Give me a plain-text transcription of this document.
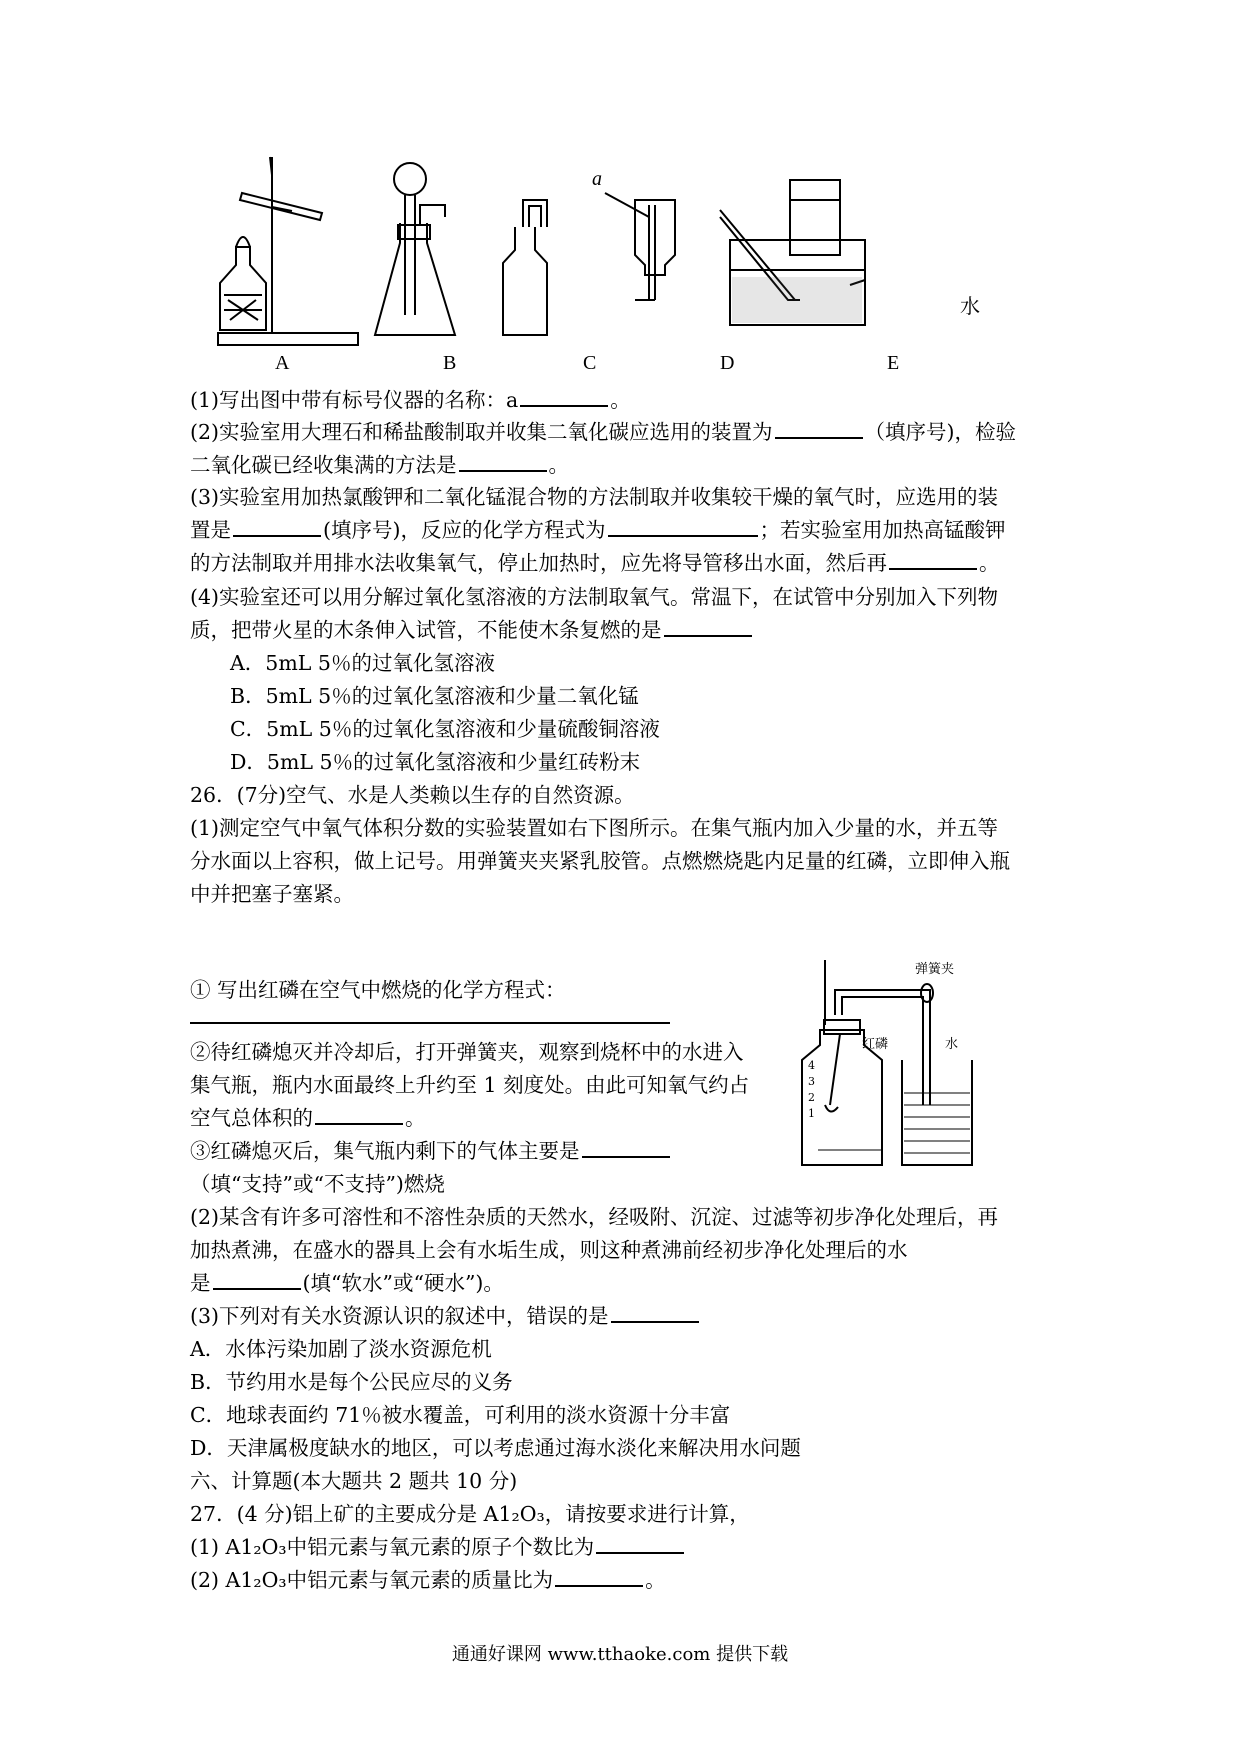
a
水
A	B	C	D	E
(1)写出图中带有标号仪器的名称：a	。
(2)实验室用大理石和稀盐酸制取并收集二氧化碳应选用的装置为	（填序号)，检验
二氧化碳已经收集满的方法是	。
(3)实验室用加热氯酸钾和二氧化锰混合物的方法制取并收集较干燥的氧气时，应选用的装
置是	(填序号)，反应的化学方程式为	；若实验室用加热高锰酸钾
的方法制取并用排水法收集氧气，停止加热时，应先将导管移出水面，然后再	。
(4)实验室还可以用分解过氧化氢溶液的方法制取氧气。常温下，在试管中分别加入下列物
质，把带火星的木条伸入试管，不能使木条复燃的是
A．5mL 5％的过氧化氢溶液
B．5mL 5％的过氧化氢溶液和少量二氧化锰
C．5mL 5％的过氧化氢溶液和少量硫酸铜溶液
D．5mL 5％的过氧化氢溶液和少量红砖粉末
26．(7分)空气、水是人类赖以生存的自然资源。
(1)测定空气中氧气体积分数的实验装置如右下图所示。在集气瓶内加入少量的水，并五等
分水面以上容积，做上记号。用弹簧夹夹紧乳胶管。点燃燃烧匙内足量的红磷，立即伸入瓶
中并把塞子塞紧。
① 写出红磷在空气中燃烧的化学方程式：
②待红磷熄灭并冷却后，打开弹簧夹，观察到烧杯中的水进入
集气瓶，瓶内水面最终上升约至 1 刻度处。由此可知氧气约占
空气总体积的	。
③红磷熄灭后，集气瓶内剩下的气体主要是
（填“支持”或“不支持”)燃烧
弹簧夹
红磷	水
4
3
2
1
(2)某含有许多可溶性和不溶性杂质的天然水，经吸附、沉淀、过滤等初步净化处理后，再
加热煮沸，在盛水的器具上会有水垢生成，则这种煮沸前经初步净化处理后的水
是	(填“软水”或“硬水”)。
(3)下列对有关水资源认识的叙述中，错误的是
A．水体污染加剧了淡水资源危机
B．节约用水是每个公民应尽的义务
C．地球表面约 71％被水覆盖，可利用的淡水资源十分丰富
D．天津属极度缺水的地区，可以考虑通过海水淡化来解决用水问题
六、计算题(本大题共 2 题共 10 分)
27．(4 分)铝上矿的主要成分是 A1₂O₃，请按要求进行计算，
(1) A1₂O₃中铝元素与氧元素的原子个数比为
(2) A1₂O₃中铝元素与氧元素的质量比为	。
通通好课网 www.tthaoke.com 提供下载
